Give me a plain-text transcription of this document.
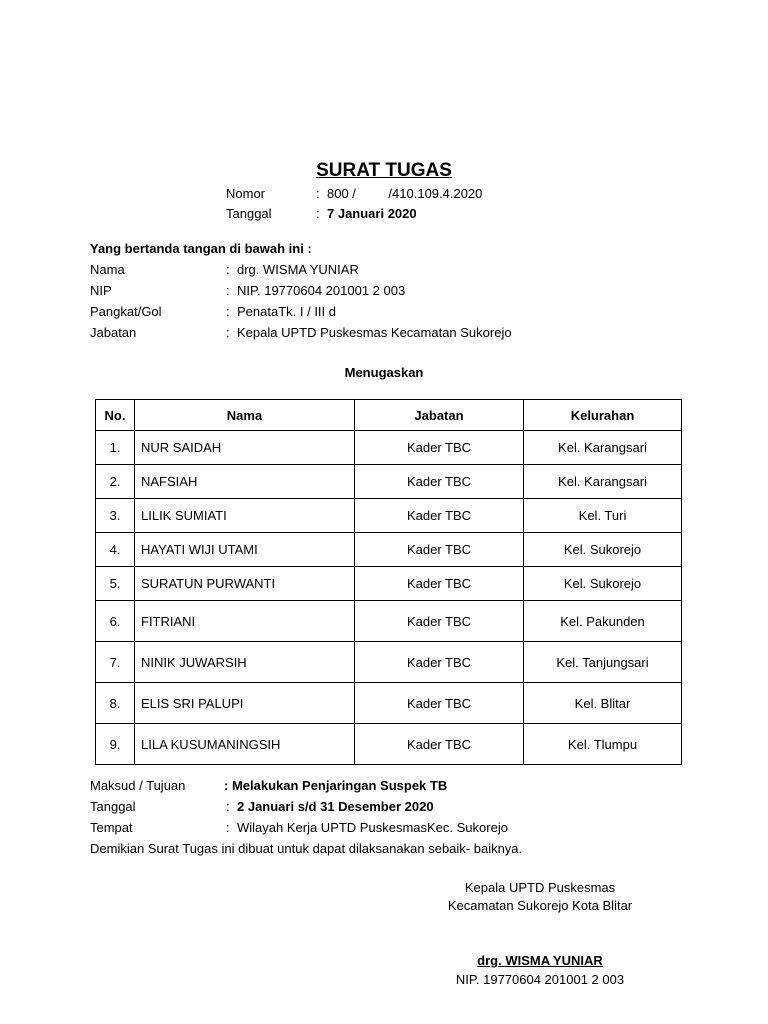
SURAT TUGAS
Nomor	: 800 /         /410.109.4.2020
Tanggal	: 7 Januari 2020
Yang bertanda tangan di bawah ini :
Nama	: drg. WISMA YUNIAR
NIP	: NIP. 19770604 201001 2 003
Pangkat/Gol	: PenataTk. I / III d
Jabatan	: Kepala UPTD Puskesmas Kecamatan Sukorejo
Menugaskan
No.	Nama	Jabatan	Kelurahan
1.	NUR SAIDAH	Kader TBC	Kel. Karangsari
2.	NAFSIAH	Kader TBC	Kel. Karangsari
3.	LILIK SUMIATI	Kader TBC	Kel. Turi
4.	HAYATI WIJI UTAMI	Kader TBC	Kel. Sukorejo
5.	SURATUN PURWANTI	Kader TBC	Kel. Sukorejo
6.	FITRIANI	Kader TBC	Kel. Pakunden
7.	NINIK JUWARSIH	Kader TBC	Kel. Tanjungsari
8.	ELIS SRI PALUPI	Kader TBC	Kel. Blitar
9.	LILA KUSUMANINGSIH	Kader TBC	Kel. Tlumpu
Maksud / Tujuan	: Melakukan Penjaringan Suspek TB
Tanggal	: 2 Januari s/d 31 Desember 2020
Tempat	: Wilayah Kerja UPTD PuskesmasKec. Sukorejo
Demikian Surat Tugas ini dibuat untuk dapat dilaksanakan sebaik- baiknya.
Kepala UPTD Puskesmas
Kecamatan Sukorejo Kota Blitar
drg. WISMA YUNIAR
NIP. 19770604 201001 2 003
